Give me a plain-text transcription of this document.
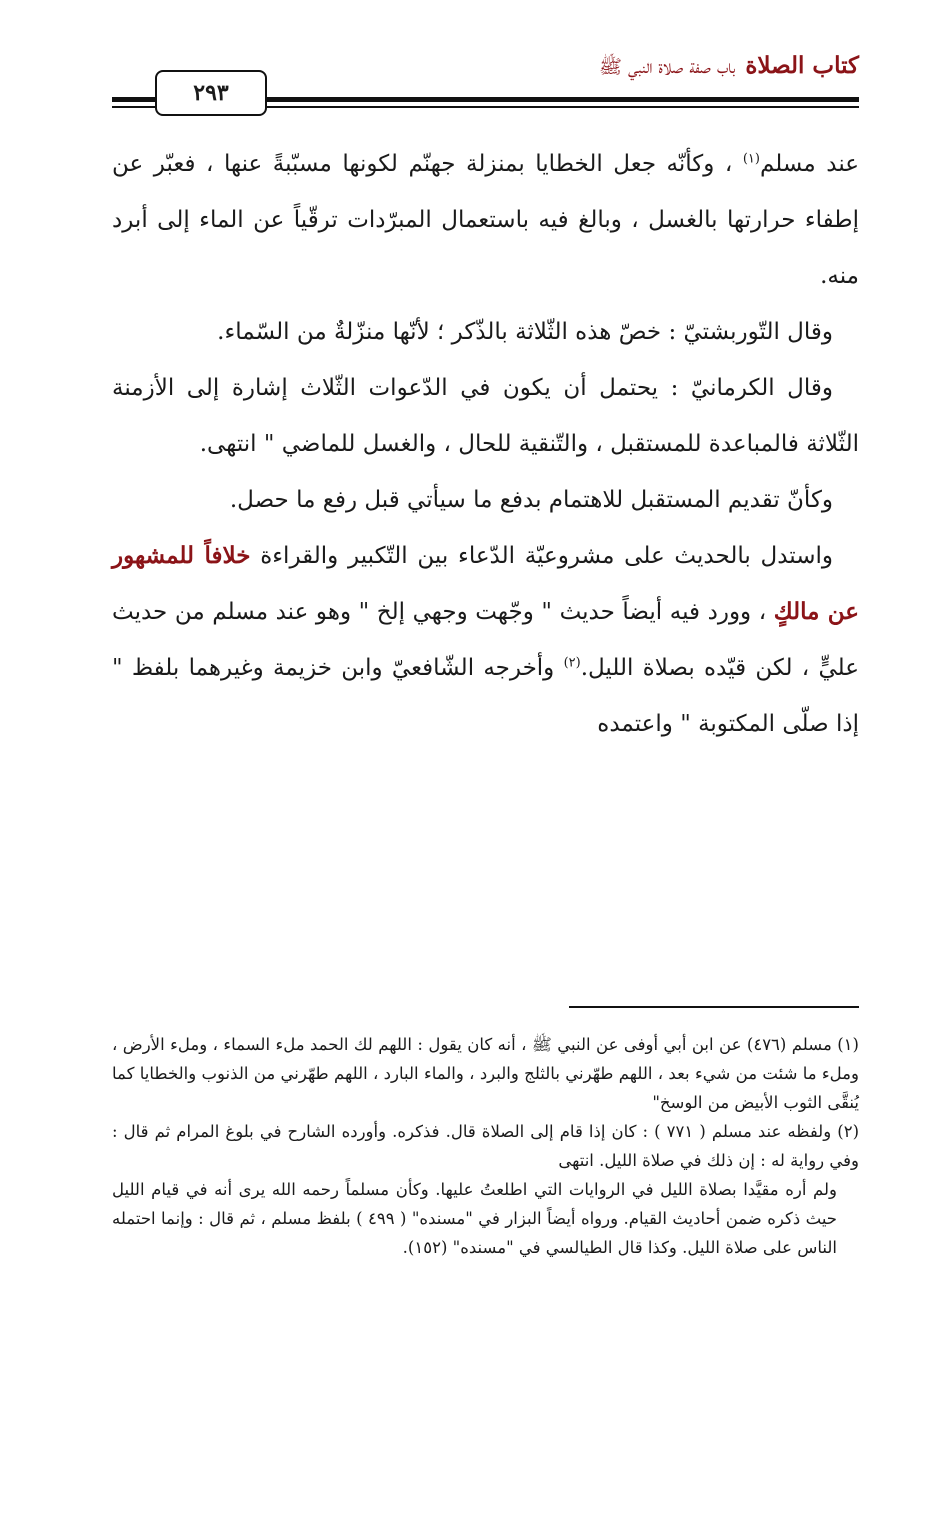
كتاب الصلاة
باب صفة صلاة النبي ﷺ
٢٩٣

عند مسلم$^{(١)}$ ، وكأنّه جعل الخطايا بمنزلة جهنّم لكونها مسبّبةً عنها ، فعبّر عن إطفاء حرارتها بالغسل ، وبالغ فيه باستعمال المبرّدات ترقّياً عن الماء إلى أبرد منه.

وقال التّوربشتيّ : خصّ هذه الثّلاثة بالذّكر ؛ لأنّها منزّلةٌ من السّماء.

وقال الكرمانيّ : يحتمل أن يكون في الدّعوات الثّلاث إشارة إلى الأزمنة الثّلاثة فالمباعدة للمستقبل ، والتّنقية للحال ، والغسل للماضي " انتهى.

وكأنّ تقديم المستقبل للاهتمام بدفع ما سيأتي قبل رفع ما حصل.

واستدل بالحديث على مشروعيّة الدّعاء بين التّكبير والقراءة خلافاً للمشهور عن مالكٍ ، وورد فيه أيضاً حديث " وجّهت وجهي إلخ " وهو عند مسلم من حديث عليٍّ ، لكن قيّده بصلاة الليل.$^{(٢)}$ وأخرجه الشّافعيّ وابن خزيمة وغيرهما بلفظ " إذا صلّى المكتوبة " واعتمده

(١) مسلم (٤٧٦) عن ابن أبي أوفى عن النبي ﷺ ، أنه كان يقول : اللهم لك الحمد ملء السماء ، وملء الأرض ، وملء ما شئت من شيء بعد ، اللهم طهّرني بالثلج والبرد ، والماء البارد ، اللهم طهّرني من الذنوب والخطايا كما يُنقَّى الثوب الأبيض من الوسخ"

(٢) ولفظه عند مسلم ( ٧٧١ ) : كان إذا قام إلى الصلاة قال. فذكره. وأورده الشارح في بلوغ المرام ثم قال : وفي رواية له : إن ذلك في صلاة الليل. انتهى

ولم أره مقيَّدا بصلاة الليل في الروايات التي اطلعتُ عليها. وكأن مسلماً رحمه الله يرى أنه في قيام الليل حيث ذكره ضمن أحاديث القيام. ورواه أيضاً البزار في "مسنده" ( ٤٩٩ ) بلفظ مسلم ، ثم قال : وإنما احتمله الناس على صلاة الليل. وكذا قال الطيالسي في "مسنده" (١٥٢).
